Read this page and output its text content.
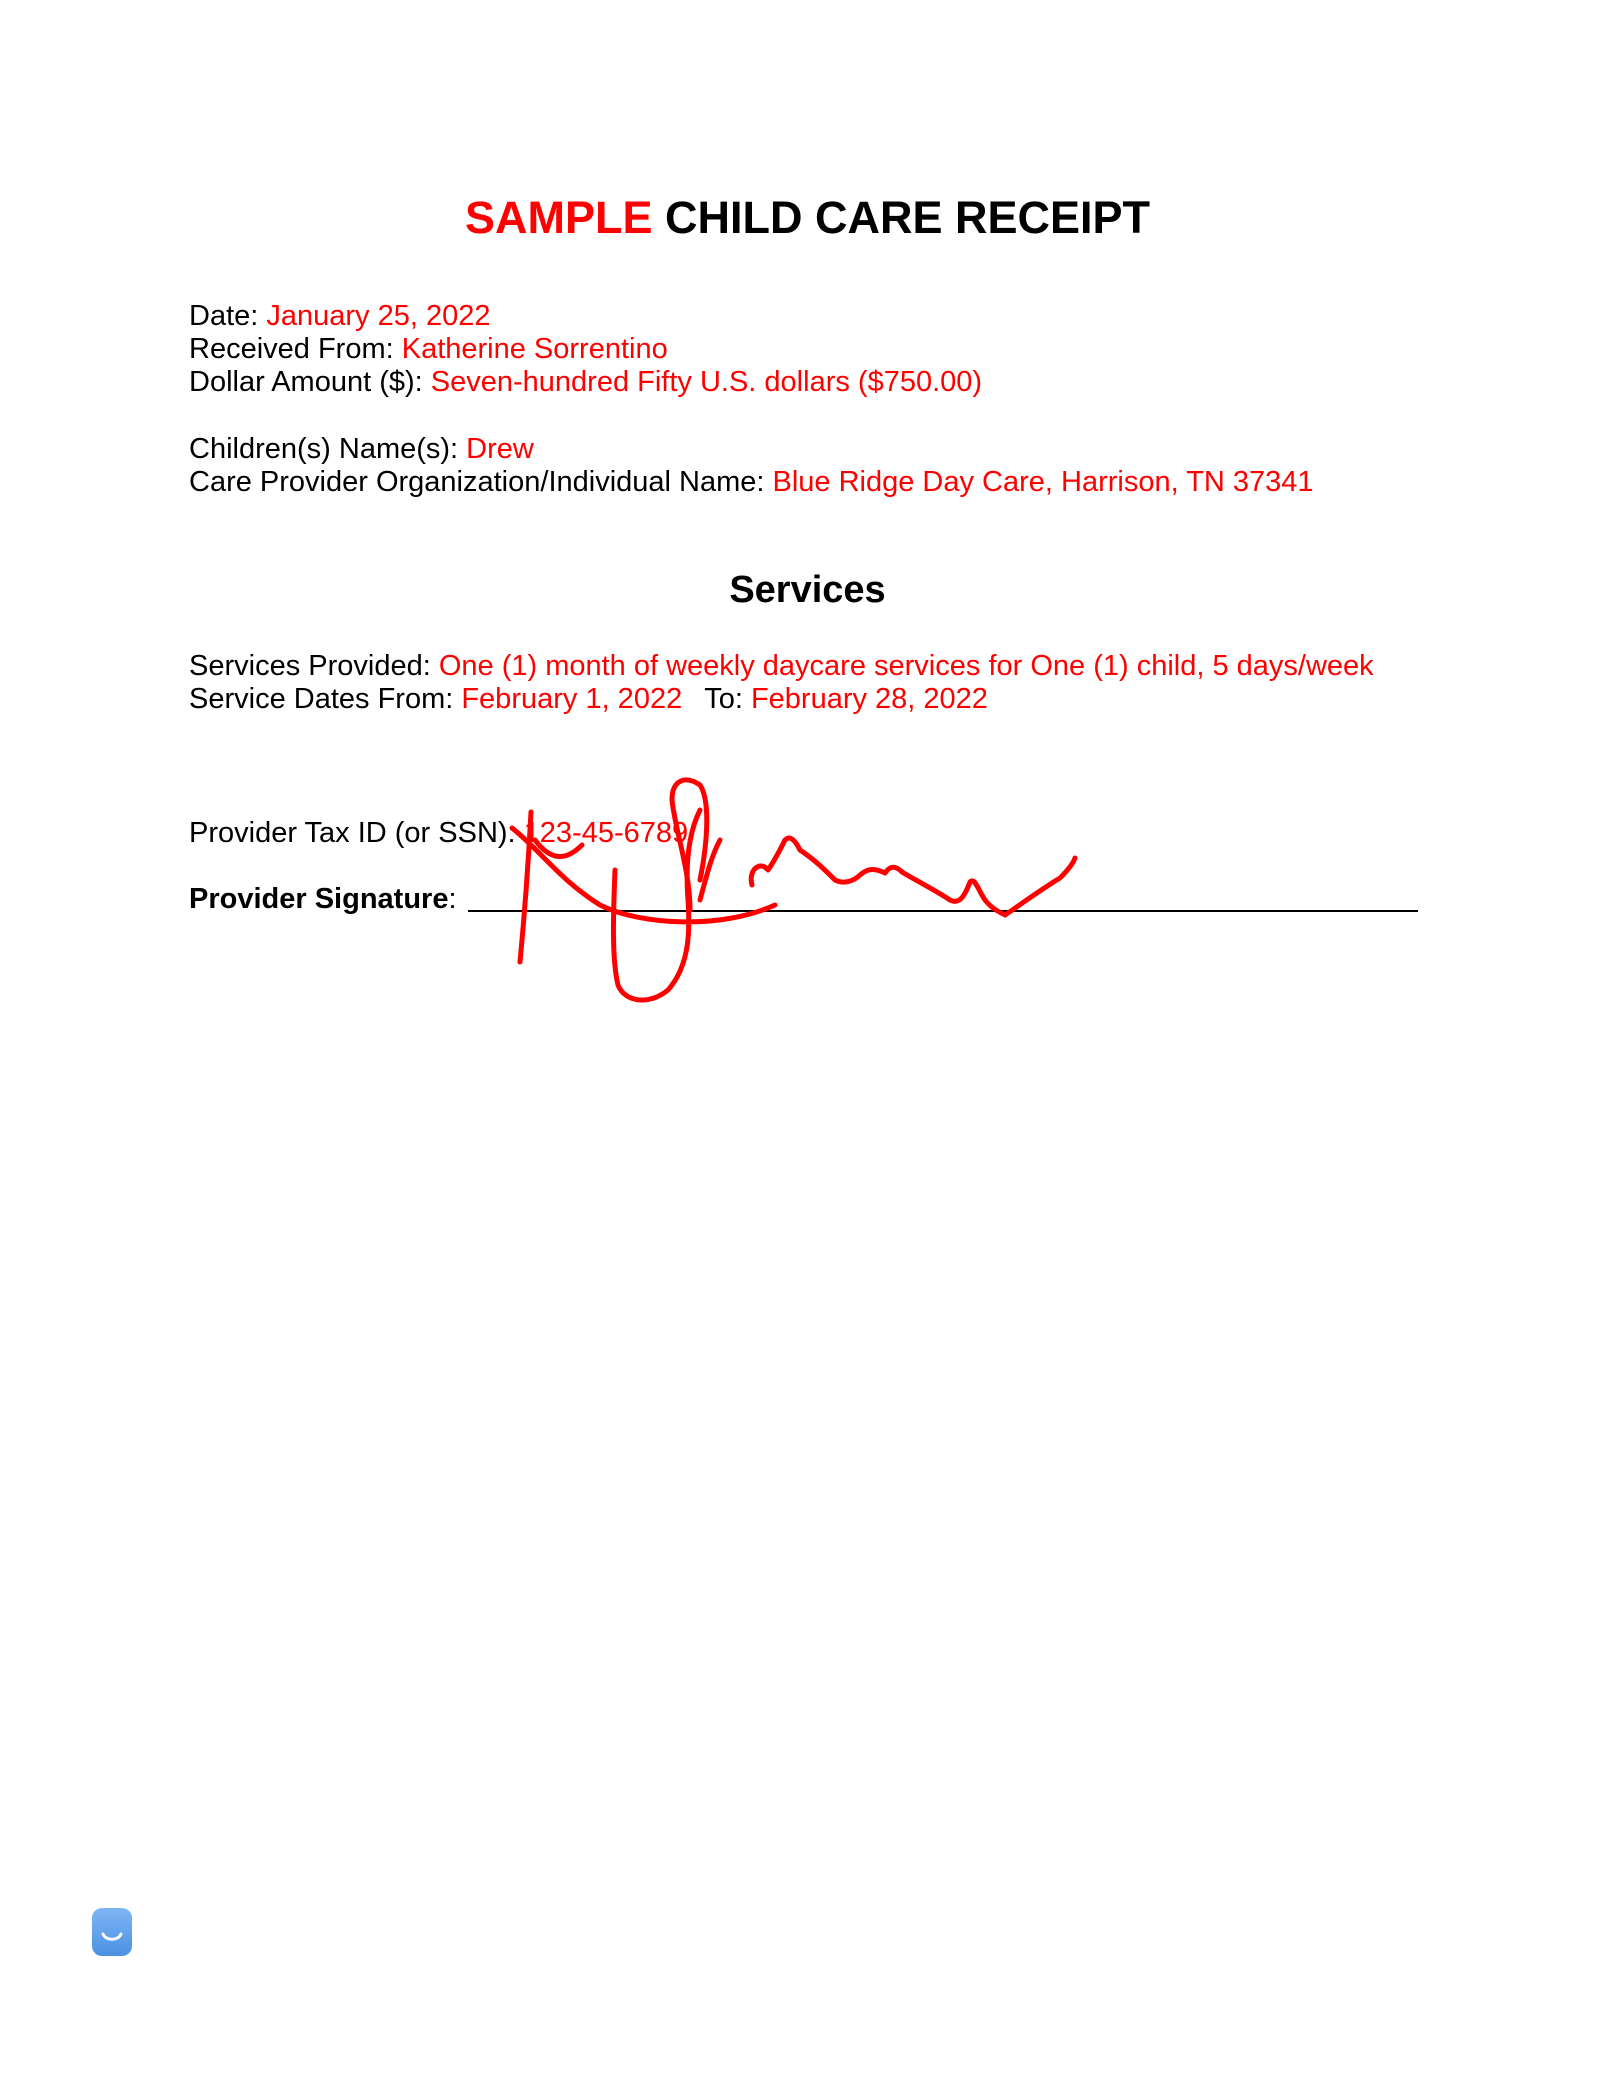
SAMPLE CHILD CARE RECEIPT
Date: January 25, 2022
Received From: Katherine Sorrentino
Dollar Amount ($): Seven-hundred Fifty U.S. dollars ($750.00)
Children(s) Name(s): Drew
Care Provider Organization/Individual Name: Blue Ridge Day Care, Harrison, TN 37341
Services
Services Provided: One (1) month of weekly daycare services for One (1) child, 5 days/week
Service Dates From: February 1, 2022 To: February 28, 2022
Provider Tax ID (or SSN): 123-45-6789
Provider Signature:
